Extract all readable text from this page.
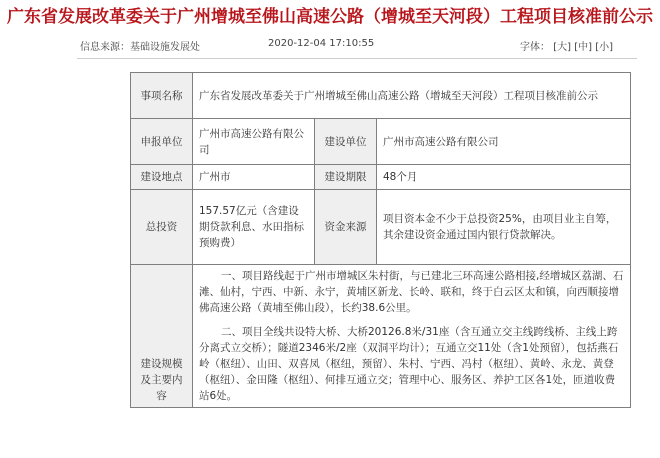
广东省发展改革委关于广州增城至佛山高速公路（增城至天河段）工程项目核准前公示
信息来源：基础设施发展处	2020-12-04 17:10:55	字体： [大] [中] [小]
事项名称	广东省发展改革委关于广州增城至佛山高速公路（增城至天河段）工程项目核准前公示		
申报单位	广州市高速公路有限公司	建设单位	广州市高速公路有限公司
建设地点	广州市	建设期限	48个月
总投资	157.57亿元（含建设期贷款利息、水田指标预购费）	资金来源	项目资本金不少于总投资25%，由项目业主自筹，其余建设资金通过国内银行贷款解决。
建设规模及主要内容	一、项目路线起于广州市增城区朱村街，与已建北三环高速公路相接,经增城区荔湖、石滩、仙村，宁西、中新、永宁，黄埔区新龙、长岭、联和，终于白云区太和镇，向西顺接增佛高速公路（黄埔至佛山段），长约38.6公里。

二、项目全线共设特大桥、大桥20126.8米/31座（含互通立交主线跨线桥、主线上跨分离式立交桥）；隧道2346米/2座（双洞平均计）；互通立交11处（含1处预留），包括燕石岭（枢纽）、山田、双喜凤（枢纽，预留）、朱村、宁西、冯村（枢纽）、黄岭、永龙、黄登（枢纽）、金田隆（枢纽）、何排互通立交；管理中心、服务区、养护工区各1处，匝道收费站6处。		
